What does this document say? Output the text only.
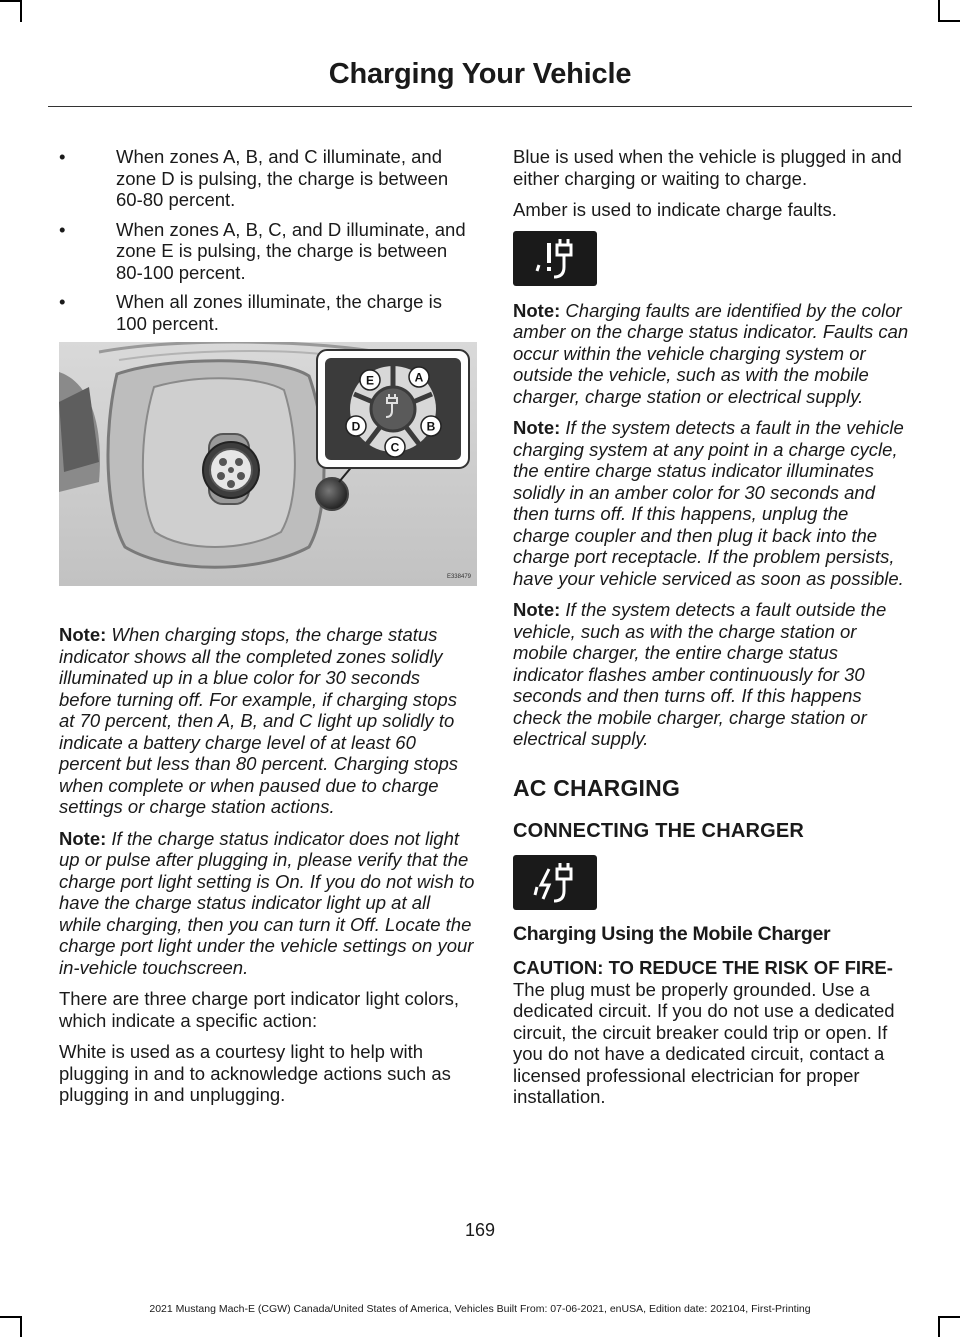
Charging Your Vehicle
•	When zones A, B, and C illuminate, and zone D is pulsing, the charge is between 60-80 percent.
•	When zones A, B, C, and D illuminate, and zone E is pulsing, the charge is between 80-100 percent.
•	When all zones illuminate, the charge is 100 percent.
A
B
C
D
E
E338479

Note: When charging stops, the charge status indicator shows all the completed zones solidly illuminated up in a blue color for 30 seconds before turning off. For example, if charging stops at 70 percent, then A, B, and C light up solidly to indicate a battery charge level of at least 60 percent but less than 80 percent. Charging stops when complete or when paused due to charge settings or charge station actions.

Note: If the charge status indicator does not light up or pulse after plugging in, please verify that the charge port light setting is On. If you do not wish to have the charge status indicator light up at all while charging, then you can turn it Off. Locate the charge port light under the vehicle settings on your in-vehicle touchscreen.

There are three charge port indicator light colors, which indicate a specific action:

White is used as a courtesy light to help with plugging in and to acknowledge actions such as plugging in and unplugging.

Blue is used when the vehicle is plugged in and either charging or waiting to charge.

Amber is used to indicate charge faults.

Note: Charging faults are identified by the color amber on the charge status indicator. Faults can occur within the vehicle charging system or outside the vehicle, such as with the mobile charger, charge station or electrical supply.

Note: If the system detects a fault in the vehicle charging system at any point in a charge cycle, the entire charge status indicator illuminates solidly in an amber color for 30 seconds and then turns off. If this happens, unplug the charge coupler and then plug it back into the charge port receptacle. If the problem persists, have your vehicle serviced as soon as possible.

Note: If the system detects a fault outside the vehicle, such as with the charge station or mobile charger, the entire charge status indicator flashes amber continuously for 30 seconds and then turns off. If this happens check the mobile charger, charge station or electrical supply.

AC CHARGING
CONNECTING THE CHARGER
Charging Using the Mobile Charger

CAUTION: TO REDUCE THE RISK OF FIRE- The plug must be properly grounded. Use a dedicated circuit. If you do not use a dedicated circuit, the circuit breaker could trip or open. If you do not have a dedicated circuit, contact a licensed professional electrician for proper installation.

169
2021 Mustang Mach-E (CGW) Canada/United States of America, Vehicles Built From: 07-06-2021, enUSA, Edition date: 202104, First-Printing
